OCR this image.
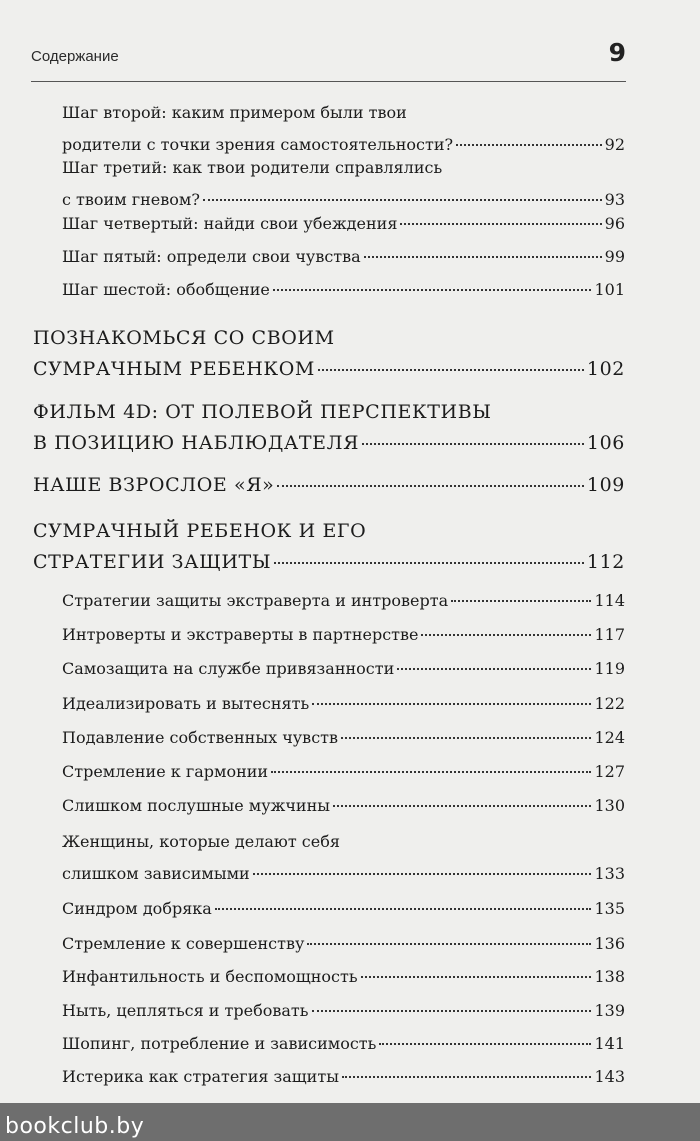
Содержание	9
Шаг второй: каким примером были твои
родители с точки зрения самостоятельности?	92
Шаг третий: как твои родители справлялись
с твоим гневом?	93
Шаг четвертый: найди свои убеждения	96
Шаг пятый: определи свои чувства	99
Шаг шестой: обобщение	101
ПОЗНАКОМЬСЯ СО СВОИМ
СУМРАЧНЫМ РЕБЕНКОМ	102
ФИЛЬМ 4D: ОТ ПОЛЕВОЙ ПЕРСПЕКТИВЫ
В ПОЗИЦИЮ НАБЛЮДАТЕЛЯ	106
НАШЕ ВЗРОСЛОЕ «Я»	109
СУМРАЧНЫЙ РЕБЕНОК И ЕГО
СТРАТЕГИИ ЗАЩИТЫ	112
Стратегии защиты экстраверта и интроверта	114
Интроверты и экстраверты в партнерстве	117
Самозащита на службе привязанности	119
Идеализировать и вытеснять	122
Подавление собственных чувств	124
Стремление к гармонии	127
Слишком послушные мужчины	130
Женщины, которые делают себя
слишком зависимыми	133
Синдром добряка	135
Стремление к совершенству	136
Инфантильность и беспомощность	138
Ныть, цепляться и требовать	139
Шопинг, потребление и зависимость	141
Истерика как стратегия защиты	143
bookclub.by
